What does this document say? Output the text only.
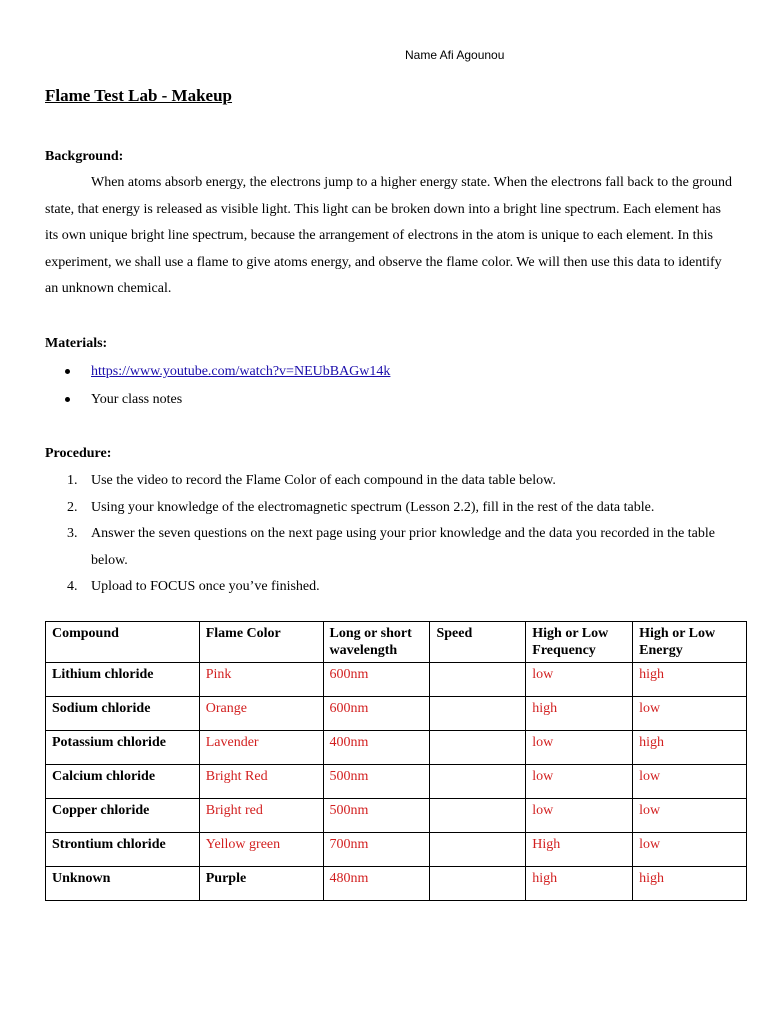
Name Afi Agounou
Flame Test Lab - Makeup
Background:
When atoms absorb energy, the electrons jump to a higher energy state. When the electrons fall back to the ground state, that energy is released as visible light. This light can be broken down into a bright line spectrum. Each element has its own unique bright line spectrum, because the arrangement of electrons in the atom is unique to each element. In this experiment, we shall use a flame to give atoms energy, and observe the flame color. We will then use this data to identify an unknown chemical.
Materials:
https://www.youtube.com/watch?v=NEUbBAGw14k
Your class notes
Procedure:
1. Use the video to record the Flame Color of each compound in the data table below.
2. Using your knowledge of the electromagnetic spectrum (Lesson 2.2), fill in the rest of the data table.
3. Answer the seven questions on the next page using your prior knowledge and the data you recorded in the table below.
4. Upload to FOCUS once you’ve finished.
Compound	Flame Color	Long or short wavelength	Speed	High or Low Frequency	High or Low Energy
Lithium chloride	Pink	600nm		low	high
Sodium chloride	Orange	600nm		high	low
Potassium chloride	Lavender	400nm		low	high
Calcium chloride	Bright Red	500nm		low	low
Copper chloride	Bright red	500nm		low	low
Strontium chloride	Yellow green	700nm		High	low
Unknown	Purple	480nm		high	high
